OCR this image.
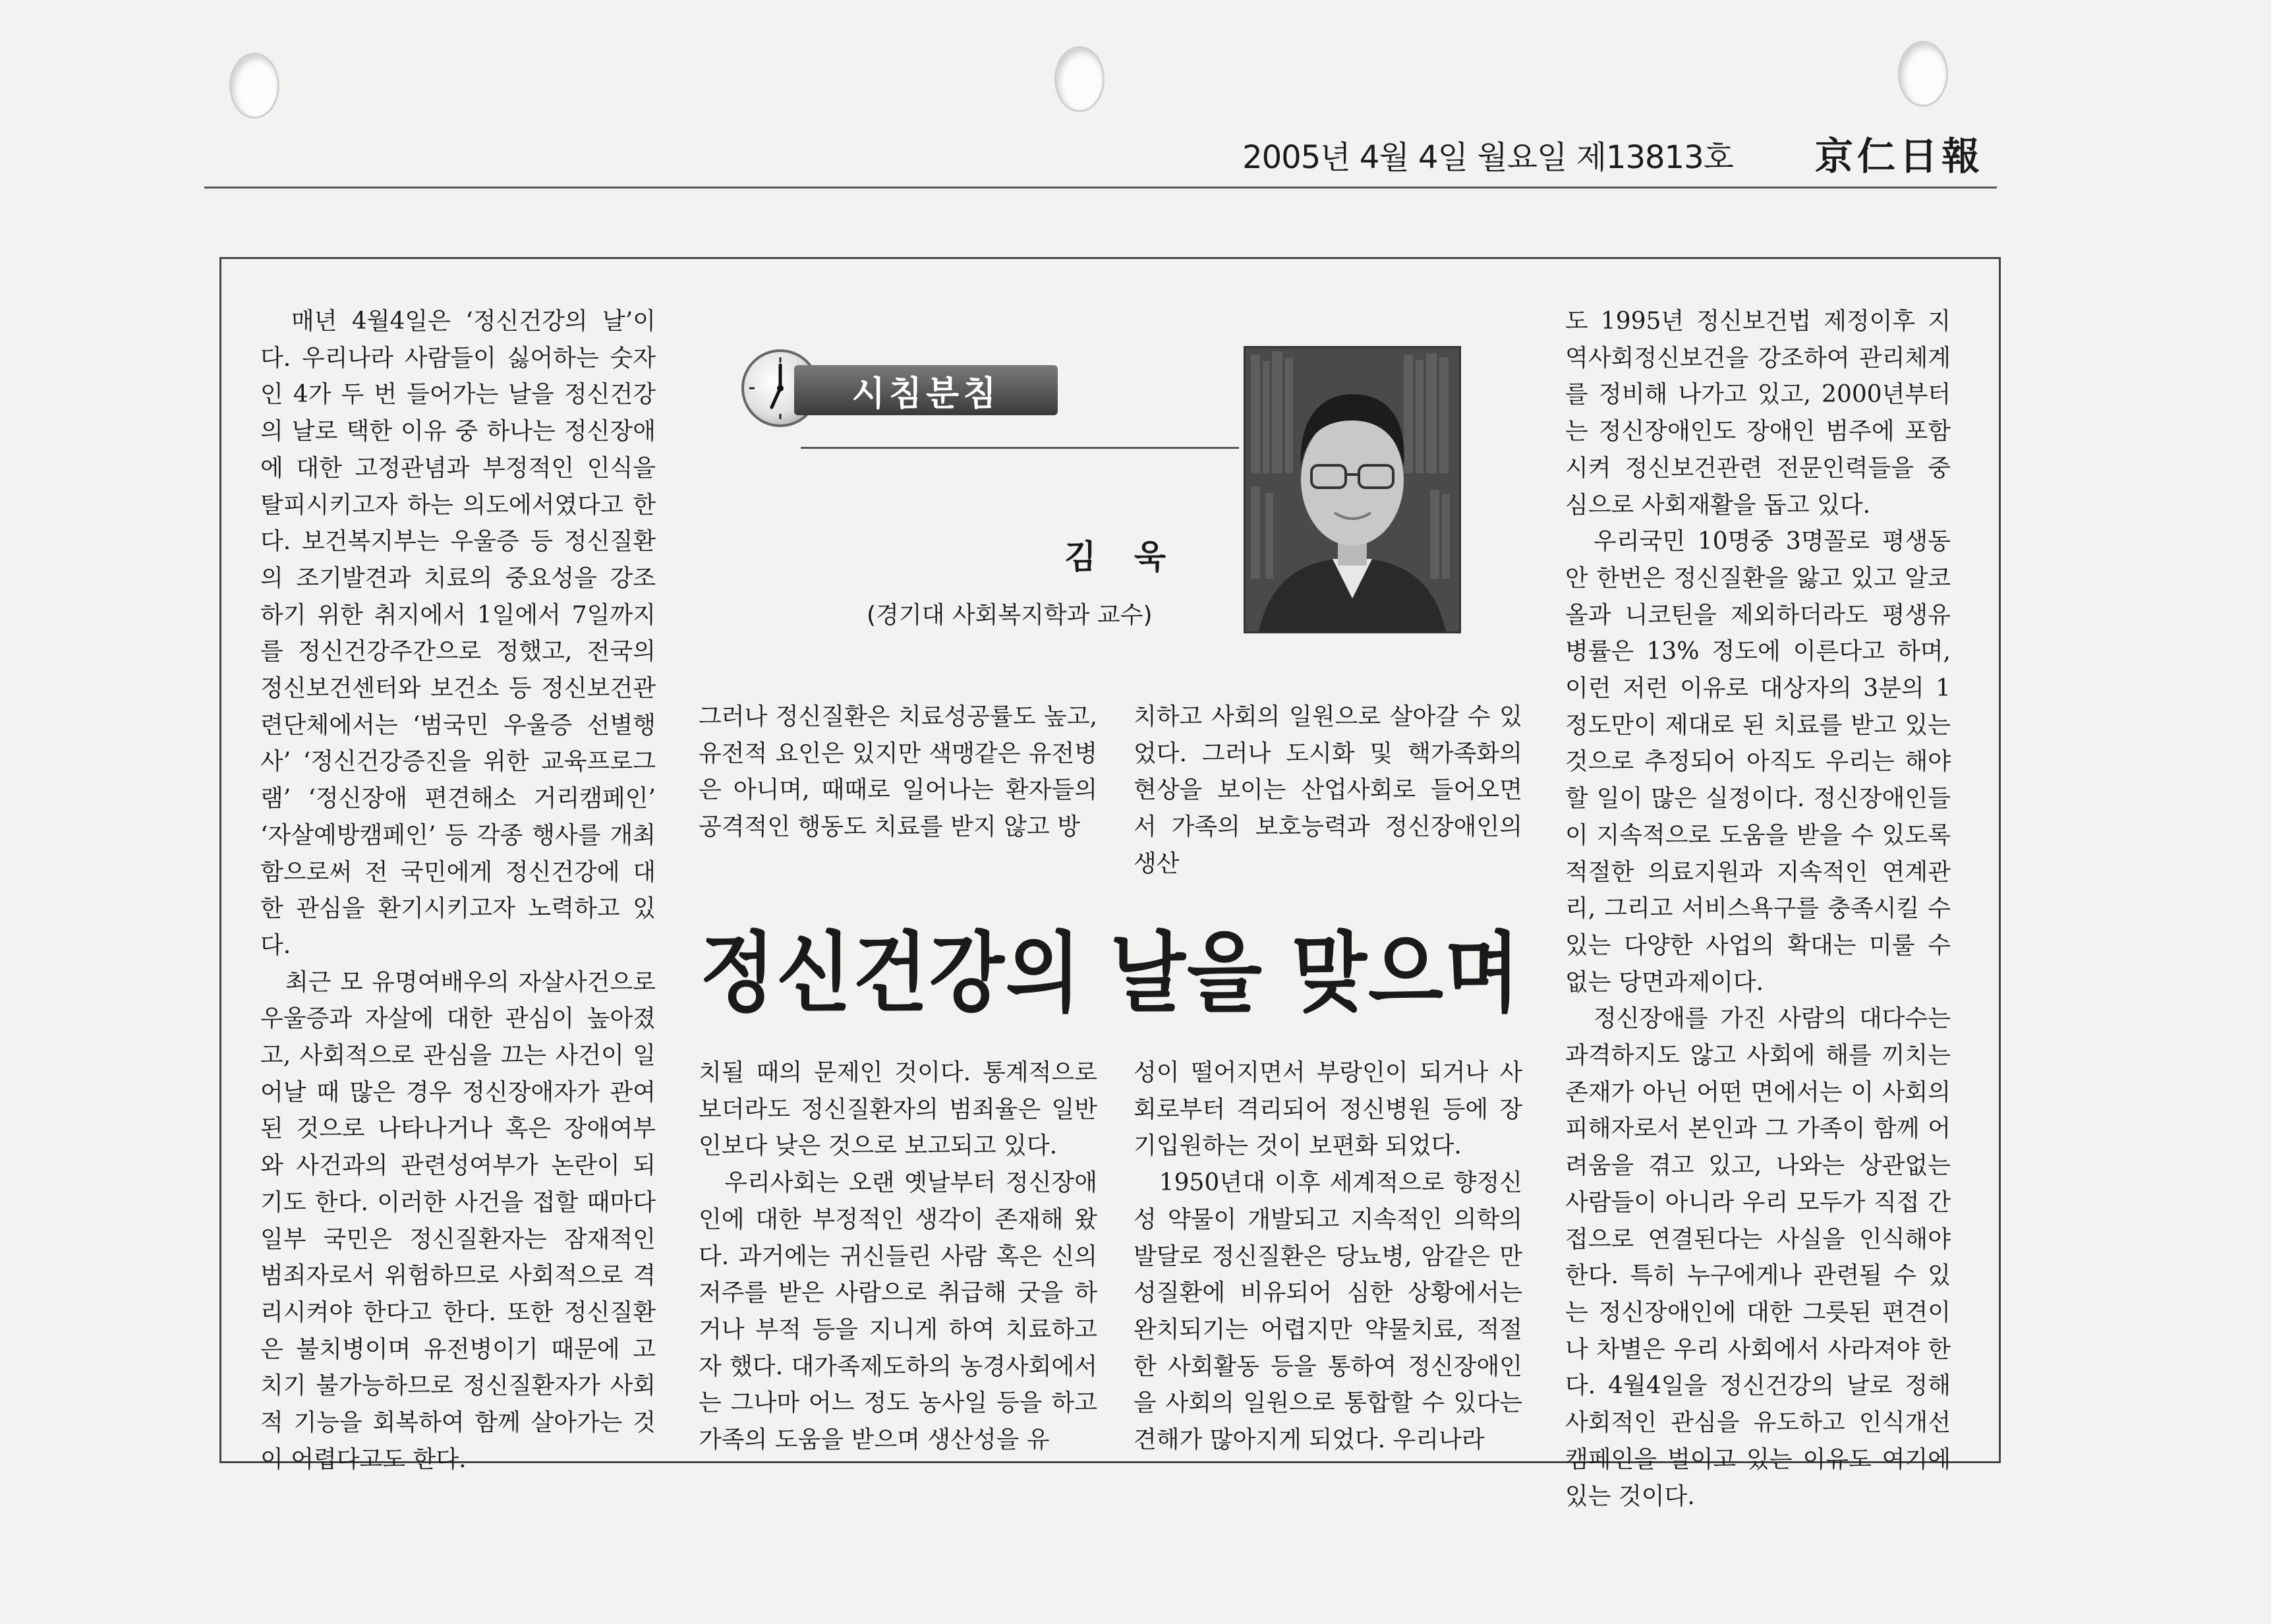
2005년 4월 4일 월요일 제13813호 京仁日報
시침분침
김 욱
(경기대 사회복지학과 교수)
정신건강의 날을 맞으며
　매년 4월4일은 ‘정신건강의 날’이다. 우리나라 사람들이 싫어하는 숫자인 4가 두 번 들어가는 날을 정신건강의 날로 택한 이유 중 하나는 정신장애에 대한 고정관념과 부정적인 인식을 탈피시키고자 하는 의도에서였다고 한다. 보건복지부는 우울증 등 정신질환의 조기발견과 치료의 중요성을 강조하기 위한 취지에서 1일에서 7일까지를 정신건강주간으로 정했고, 전국의 정신보건센터와 보건소 등 정신보건관련단체에서는 ‘범국민 우울증 선별행사’ ‘정신건강증진을 위한 교육프로그램’ ‘정신장애 편견해소 거리캠페인’ ‘자살예방캠페인’ 등 각종 행사를 개최함으로써 전 국민에게 정신건강에 대한 관심을 환기시키고자 노력하고 있다.
　최근 모 유명여배우의 자살사건으로 우울증과 자살에 대한 관심이 높아졌고, 사회적으로 관심을 끄는 사건이 일어날 때 많은 경우 정신장애자가 관여된 것으로 나타나거나 혹은 장애여부와 사건과의 관련성여부가 논란이 되기도 한다. 이러한 사건을 접할 때마다 일부 국민은 정신질환자는 잠재적인 범죄자로서 위험하므로 사회적으로 격리시켜야 한다고 한다. 또한 정신질환은 불치병이며 유전병이기 때문에 고치기 불가능하므로 정신질환자가 사회적 기능을 회복하여 함께 살아가는 것이 어렵다고도 한다.
그러나 정신질환은 치료성공률도 높고, 유전적 요인은 있지만 색맹같은 유전병은 아니며, 때때로 일어나는 환자들의 공격적인 행동도 치료를 받지 않고 방
치하고 사회의 일원으로 살아갈 수 있었다. 그러나 도시화 및 핵가족화의 현상을 보이는 산업사회로 들어오면서 가족의 보호능력과 정신장애인의 생산
치될 때의 문제인 것이다. 통계적으로 보더라도 정신질환자의 범죄율은 일반인보다 낮은 것으로 보고되고 있다.
　우리사회는 오랜 옛날부터 정신장애인에 대한 부정적인 생각이 존재해 왔다. 과거에는 귀신들린 사람 혹은 신의 저주를 받은 사람으로 취급해 굿을 하거나 부적 등을 지니게 하여 치료하고자 했다. 대가족제도하의 농경사회에서는 그나마 어느 정도 농사일 등을 하고 가족의 도움을 받으며 생산성을 유
성이 떨어지면서 부랑인이 되거나 사회로부터 격리되어 정신병원 등에 장기입원하는 것이 보편화 되었다.
　1950년대 이후 세계적으로 향정신성 약물이 개발되고 지속적인 의학의 발달로 정신질환은 당뇨병, 암같은 만성질환에 비유되어 심한 상황에서는 완치되기는 어렵지만 약물치료, 적절한 사회활동 등을 통하여 정신장애인을 사회의 일원으로 통합할 수 있다는 견해가 많아지게 되었다. 우리나라
도 1995년 정신보건법 제정이후 지역사회정신보건을 강조하여 관리체계를 정비해 나가고 있고, 2000년부터는 정신장애인도 장애인 범주에 포함시켜 정신보건관련 전문인력들을 중심으로 사회재활을 돕고 있다.
　우리국민 10명중 3명꼴로 평생동안 한번은 정신질환을 앓고 있고 알코올과 니코틴을 제외하더라도 평생유병률은 13% 정도에 이른다고 하며, 이런 저런 이유로 대상자의 3분의 1정도만이 제대로 된 치료를 받고 있는 것으로 추정되어 아직도 우리는 해야 할 일이 많은 실정이다. 정신장애인들이 지속적으로 도움을 받을 수 있도록 적절한 의료지원과 지속적인 연계관리, 그리고 서비스욕구를 충족시킬 수 있는 다양한 사업의 확대는 미룰 수 없는 당면과제이다.
　정신장애를 가진 사람의 대다수는 과격하지도 않고 사회에 해를 끼치는 존재가 아닌 어떤 면에서는 이 사회의 피해자로서 본인과 그 가족이 함께 어려움을 겪고 있고, 나와는 상관없는 사람들이 아니라 우리 모두가 직접 간접으로 연결된다는 사실을 인식해야 한다. 특히 누구에게나 관련될 수 있는 정신장애인에 대한 그릇된 편견이나 차별은 우리 사회에서 사라져야 한다. 4월4일을 정신건강의 날로 정해 사회적인 관심을 유도하고 인식개선 캠페인을 벌이고 있는 이유도 여기에 있는 것이다.
